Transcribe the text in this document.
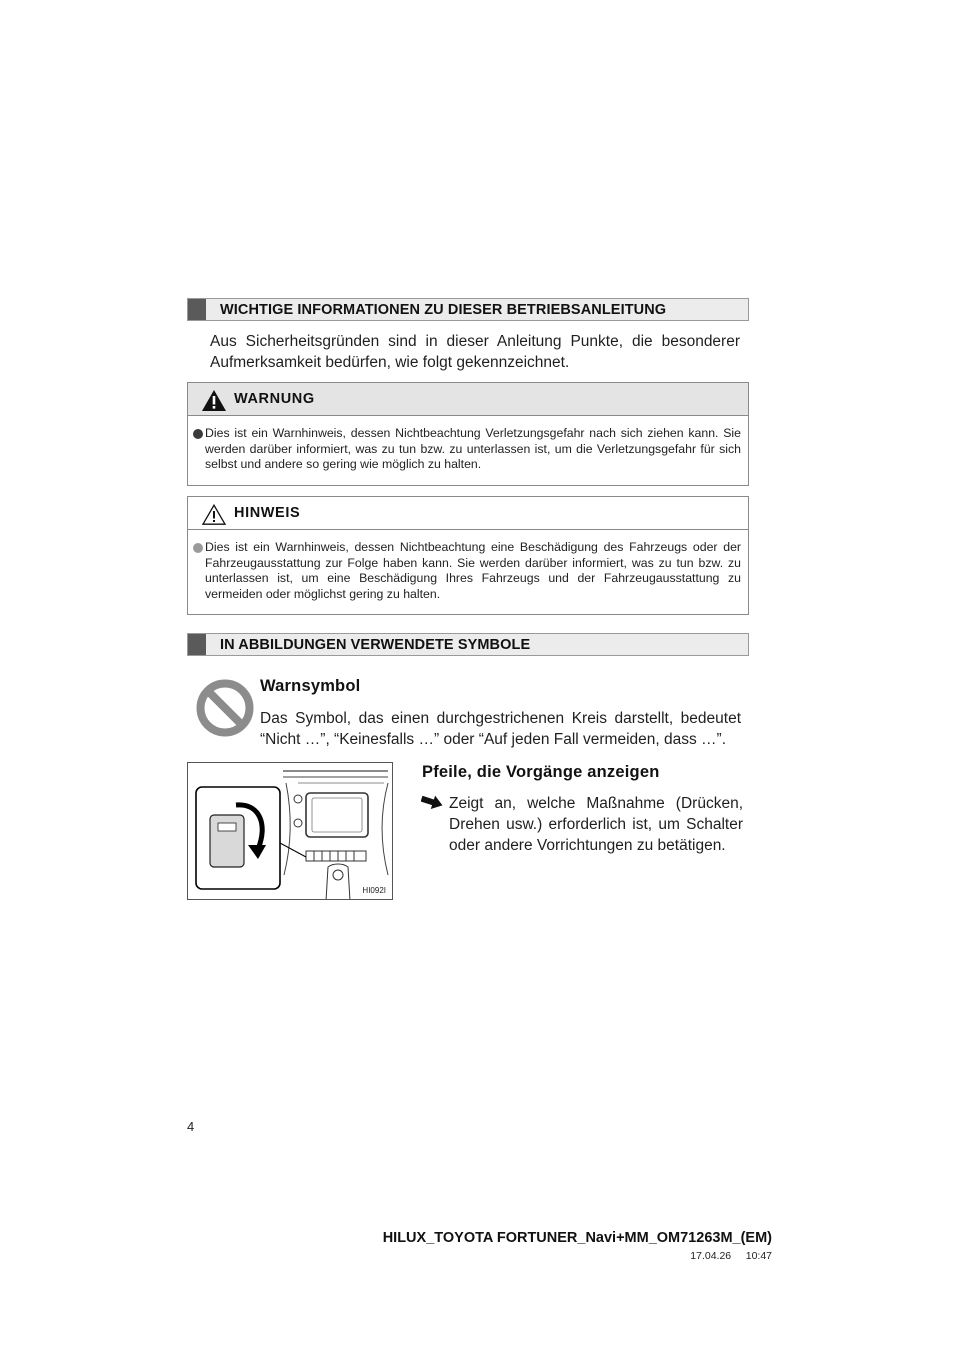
WICHTIGE INFORMATIONEN ZU DIESER BETRIEBSANLEITUNG
Aus Sicherheitsgründen sind in dieser Anleitung Punkte, die besonderer Aufmerksamkeit bedürfen, wie folgt gekennzeichnet.
WARNUNG
Dies ist ein Warnhinweis, dessen Nichtbeachtung Verletzungsgefahr nach sich ziehen kann. Sie werden darüber informiert, was zu tun bzw. zu unterlassen ist, um die Verletzungsgefahr für sich selbst und andere so gering wie möglich zu halten.
HINWEIS
Dies ist ein Warnhinweis, dessen Nichtbeachtung eine Beschädigung des Fahrzeugs oder der Fahrzeugausstattung zur Folge haben kann. Sie werden darüber informiert, was zu tun bzw. zu unterlassen ist, um eine Beschädigung Ihres Fahrzeugs und der Fahrzeugausstattung zu vermeiden oder möglichst gering zu halten.
IN ABBILDUNGEN VERWENDETE SYMBOLE
Warnsymbol
Das Symbol, das einen durchgestrichenen Kreis darstellt, bedeutet “Nicht …”, “Keinesfalls …” oder “Auf jeden Fall vermeiden, dass …”.
HI092I
Pfeile, die Vorgänge anzeigen
Zeigt an, welche Maßnahme (Drücken, Drehen usw.) erforderlich ist, um Schalter oder andere Vorrichtungen zu betätigen.
4
HILUX_TOYOTA FORTUNER_Navi+MM_OM71263M_(EM)
17.04.26     10:47
